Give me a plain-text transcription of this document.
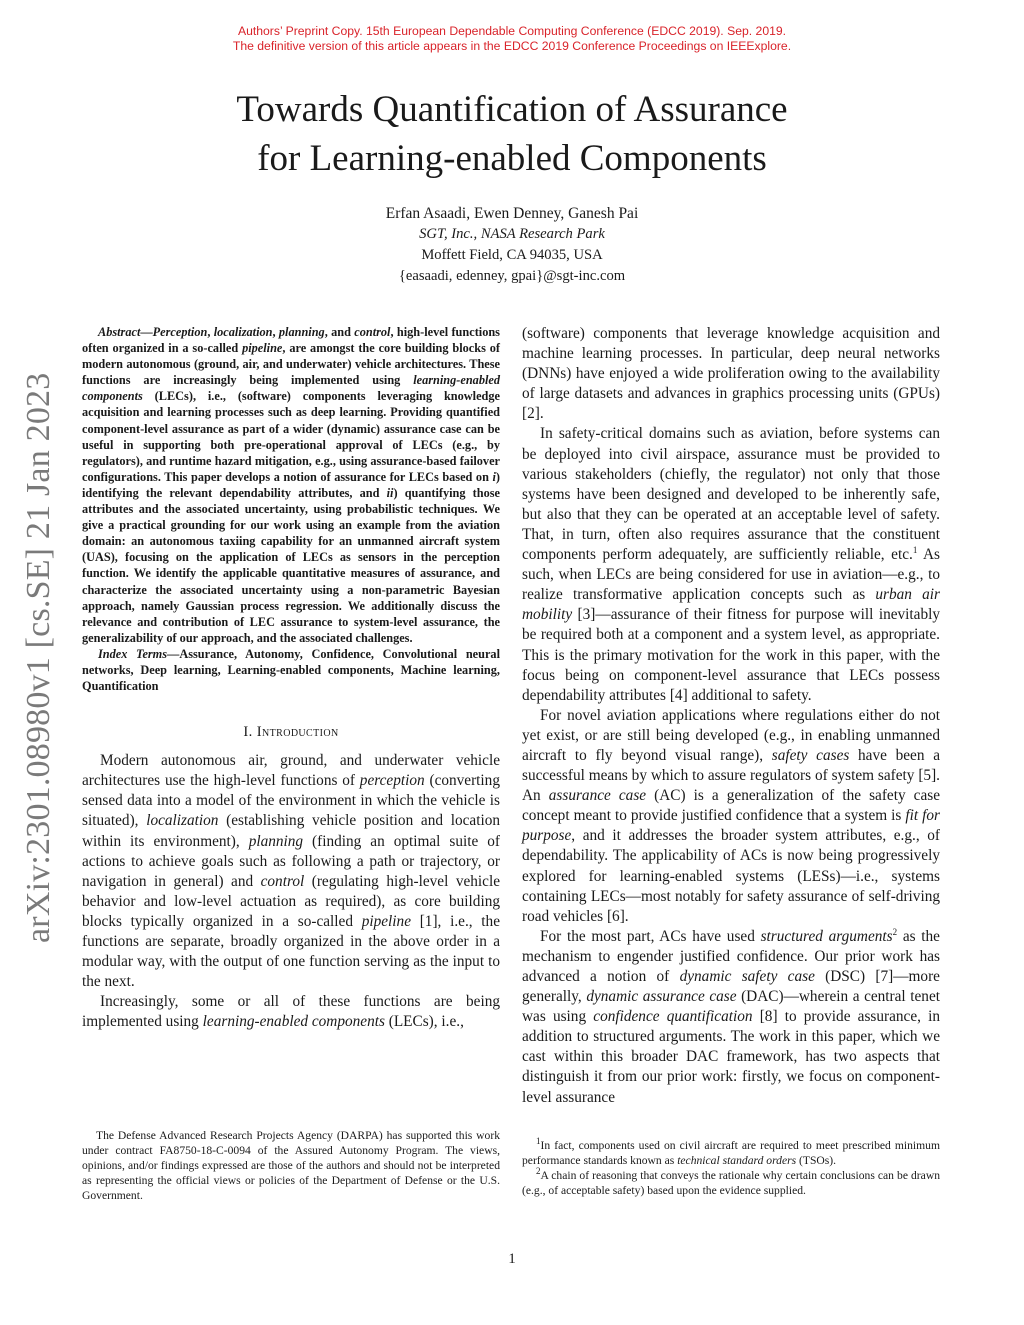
Authors’ Preprint Copy. 15th European Dependable Computing Conference (EDCC 2019). Sep. 2019.
The definitive version of this article appears in the EDCC 2019 Conference Proceedings on IEEExplore.
Towards Quantification of Assurance
for Learning-enabled Components
Erfan Asaadi, Ewen Denney, Ganesh Pai
SGT, Inc., NASA Research Park
Moffett Field, CA 94035, USA
{easaadi, edenney, gpai}@sgt-inc.com
arXiv:2301.08980v1 [cs.SE] 21 Jan 2023

Abstract—Perception, localization, planning, and control, high-level functions often organized in a so-called pipeline, are amongst the core building blocks of modern autonomous (ground, air, and underwater) vehicle architectures. These functions are increasingly being implemented using learning-enabled components (LECs), i.e., (software) components leveraging knowledge acquisition and learning processes such as deep learning. Providing quantified component-level assurance as part of a wider (dynamic) assurance case can be useful in supporting both pre-operational approval of LECs (e.g., by regulators), and runtime hazard mitigation, e.g., using assurance-based failover configurations. This paper develops a notion of assurance for LECs based on i) identifying the relevant dependability attributes, and ii) quantifying those attributes and the associated uncertainty, using probabilistic techniques. We give a practical grounding for our work using an example from the aviation domain: an autonomous taxiing capability for an unmanned aircraft system (UAS), focusing on the application of LECs as sensors in the perception function. We identify the applicable quantitative measures of assurance, and characterize the associated uncertainty using a non-parametric Bayesian approach, namely Gaussian process regression. We additionally discuss the relevance and contribution of LEC assurance to system-level assurance, the generalizability of our approach, and the associated challenges.

Index Terms—Assurance, Autonomy, Confidence, Convolutional neural networks, Deep learning, Learning-enabled components, Machine learning, Quantification

I. Introduction

Modern autonomous air, ground, and underwater vehicle architectures use the high-level functions of perception (converting sensed data into a model of the environment in which the vehicle is situated), localization (establishing vehicle position and location within its environment), planning (finding an optimal suite of actions to achieve goals such as following a path or trajectory, or navigation in general) and control (regulating high-level vehicle behavior and low-level actuation as required), as core building blocks typically organized in a so-called pipeline [1], i.e., the functions are separate, broadly organized in the above order in a modular way, with the output of one function serving as the input to the next.

Increasingly, some or all of these functions are being implemented using learning-enabled components (LECs), i.e.,

The Defense Advanced Research Projects Agency (DARPA) has supported this work under contract FA8750-18-C-0094 of the Assured Autonomy Program. The views, opinions, and/or findings expressed are those of the authors and should not be interpreted as representing the official views or policies of the Department of Defense or the U.S. Government.

(software) components that leverage knowledge acquisition and machine learning processes. In particular, deep neural networks (DNNs) have enjoyed a wide proliferation owing to the availability of large datasets and advances in graphics processing units (GPUs) [2].

In safety-critical domains such as aviation, before systems can be deployed into civil airspace, assurance must be provided to various stakeholders (chiefly, the regulator) not only that those systems have been designed and developed to be inherently safe, but also that they can be operated at an acceptable level of safety. That, in turn, often also requires assurance that the constituent components perform adequately, are sufficiently reliable, etc.$^1$ As such, when LECs are being considered for use in aviation—e.g., to realize transformative application concepts such as urban air mobility [3]—assurance of their fitness for purpose will inevitably be required both at a component and a system level, as appropriate. This is the primary motivation for the work in this paper, with the focus being on component-level assurance that LECs possess dependability attributes [4] additional to safety.

For novel aviation applications where regulations either do not yet exist, or are still being developed (e.g., in enabling unmanned aircraft to fly beyond visual range), safety cases have been a successful means by which to assure regulators of system safety [5]. An assurance case (AC) is a generalization of the safety case concept meant to provide justified confidence that a system is fit for purpose, and it addresses the broader system attributes, e.g., of dependability. The applicability of ACs is now being progressively explored for learning-enabled systems (LESs)—i.e., systems containing LECs—most notably for safety assurance of self-driving road vehicles [6].

For the most part, ACs have used structured arguments$^2$ as the mechanism to engender justified confidence. Our prior work has advanced a notion of dynamic safety case (DSC) [7]—more generally, dynamic assurance case (DAC)—wherein a central tenet was using confidence quantification [8] to provide assurance, in addition to structured arguments. The work in this paper, which we cast within this broader DAC framework, has two aspects that distinguish it from our prior work: firstly, we focus on component-level assurance

$^1$In fact, components used on civil aircraft are required to meet prescribed minimum performance standards known as technical standard orders (TSOs).

$^2$A chain of reasoning that conveys the rationale why certain conclusions can be drawn (e.g., of acceptable safety) based upon the evidence supplied.

1
